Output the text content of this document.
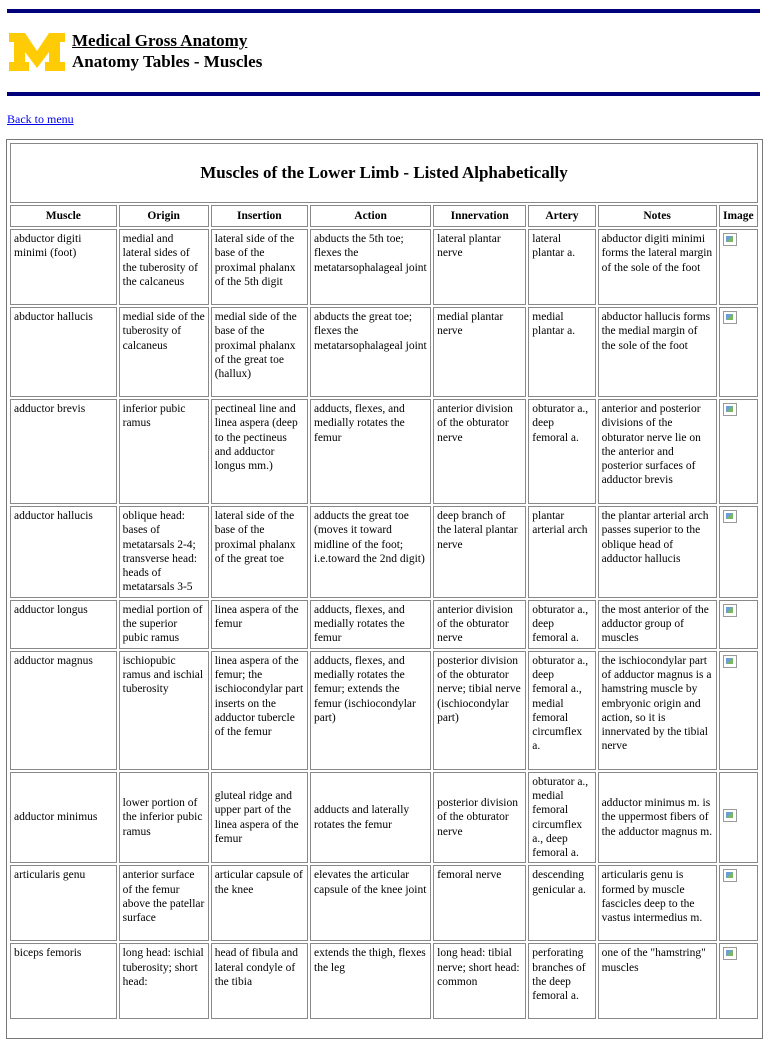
Medical Gross Anatomy
Anatomy Tables - Muscles
Back to menu
Muscles of the Lower Limb - Listed Alphabetically
Muscle	Origin	Insertion	Action	Innervation	Artery	Notes	Image
abductor digiti minimi (foot)	medial and lateral sides of the tuberosity of the calcaneus	lateral side of the base of the proximal phalanx of the 5th digit	abducts the 5th toe; flexes the metatarsophalageal joint	lateral plantar nerve	lateral plantar a.	abductor digiti minimi forms the lateral margin of the sole of the foot	
abductor hallucis	medial side of the tuberosity of calcaneus	medial side of the base of the proximal phalanx of the great toe (hallux)	abducts the great toe; flexes the metatarsophalageal joint	medial plantar nerve	medial plantar a.	abductor hallucis forms the medial margin of the sole of the foot	
adductor brevis	inferior pubic ramus	pectineal line and linea aspera (deep to the pectineus and adductor longus mm.)	adducts, flexes, and medially rotates the femur	anterior division of the obturator nerve	obturator a., deep femoral a.	anterior and posterior divisions of the obturator nerve lie on the anterior and posterior surfaces of adductor brevis	
adductor hallucis	oblique head: bases of metatarsals 2-4; transverse head: heads of metatarsals 3-5	lateral side of the base of the proximal phalanx of the great toe	adducts the great toe (moves it toward midline of the foot; i.e.toward the 2nd digit)	deep branch of the lateral plantar nerve	plantar arterial arch	the plantar arterial arch passes superior to the oblique head of adductor hallucis	
adductor longus	medial portion of the superior pubic ramus	linea aspera of the femur	adducts, flexes, and medially rotates the femur	anterior division of the obturator nerve	obturator a., deep femoral a.	the most anterior of the adductor group of muscles	
adductor magnus	ischiopubic ramus and ischial tuberosity	linea aspera of the femur; the ischiocondylar part inserts on the adductor tubercle of the femur	adducts, flexes, and medially rotates the femur; extends the femur (ischiocondylar part)	posterior division of the obturator nerve; tibial nerve (ischiocondylar part)	obturator a., deep femoral a., medial femoral circumflex a.	the ischiocondylar part of adductor magnus is a hamstring muscle by embryonic origin and action, so it is innervated by the tibial nerve	
adductor minimus	lower portion of the inferior pubic ramus	gluteal ridge and upper part of the linea aspera of the femur	adducts and laterally rotates the femur	posterior division of the obturator nerve	obturator a., medial femoral circumflex a., deep femoral a.	adductor minimus m. is the uppermost fibers of the adductor magnus m.	
articularis genu	anterior surface of the femur above the patellar surface	articular capsule of the knee	elevates the articular capsule of the knee joint	femoral nerve	descending genicular a.	articularis genu is formed by muscle fascicles deep to the vastus intermedius m.	
biceps femoris	long head: ischial tuberosity; short head:	head of fibula and lateral condyle of the tibia	extends the thigh, flexes the leg	long head: tibial nerve; short head: common	perforating branches of the deep femoral a.	one of the "hamstring" muscles	
